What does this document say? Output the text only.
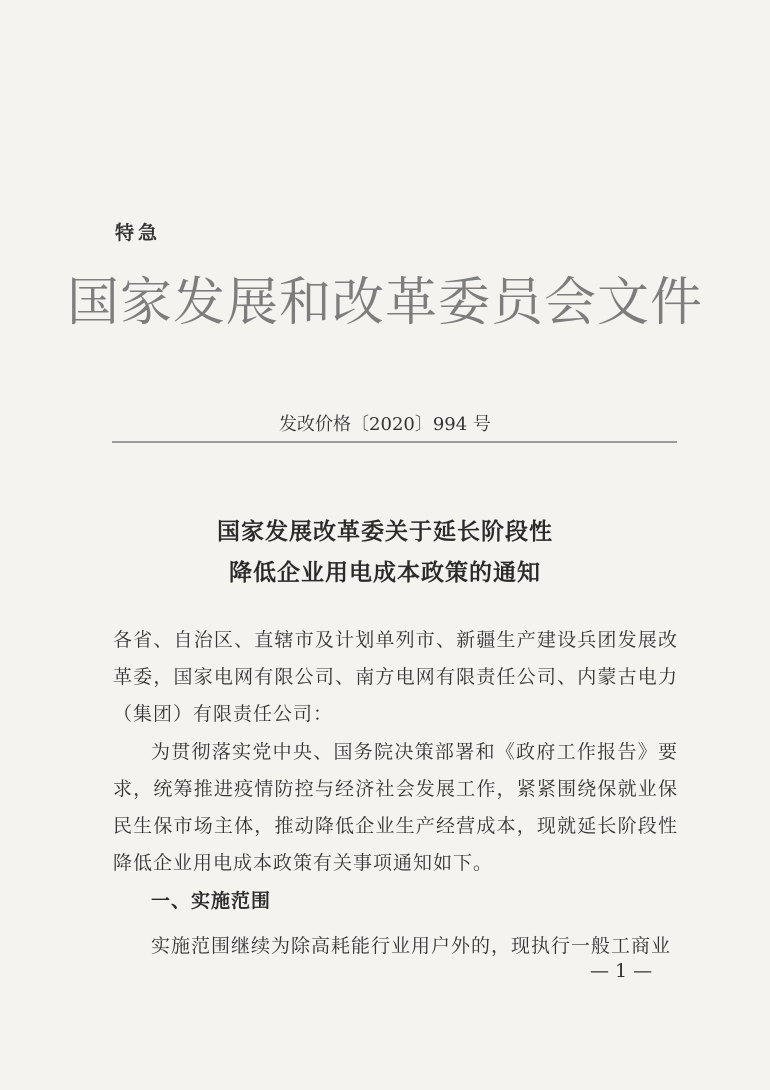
特急
国家发展和改革委员会文件
发改价格〔2020〕994 号
国家发展改革委关于延长阶段性
降低企业用电成本政策的通知
各省、自治区、直辖市及计划单列市、新疆生产建设兵团发展改革委，国家电网有限公司、南方电网有限责任公司、内蒙古电力（集团）有限责任公司：
为贯彻落实党中央、国务院决策部署和《政府工作报告》要求，统筹推进疫情防控与经济社会发展工作，紧紧围绕保就业保民生保市场主体，推动降低企业生产经营成本，现就延长阶段性降低企业用电成本政策有关事项通知如下。
一、实施范围
实施范围继续为除高耗能行业用户外的，现执行一般工商业
— 1 —
